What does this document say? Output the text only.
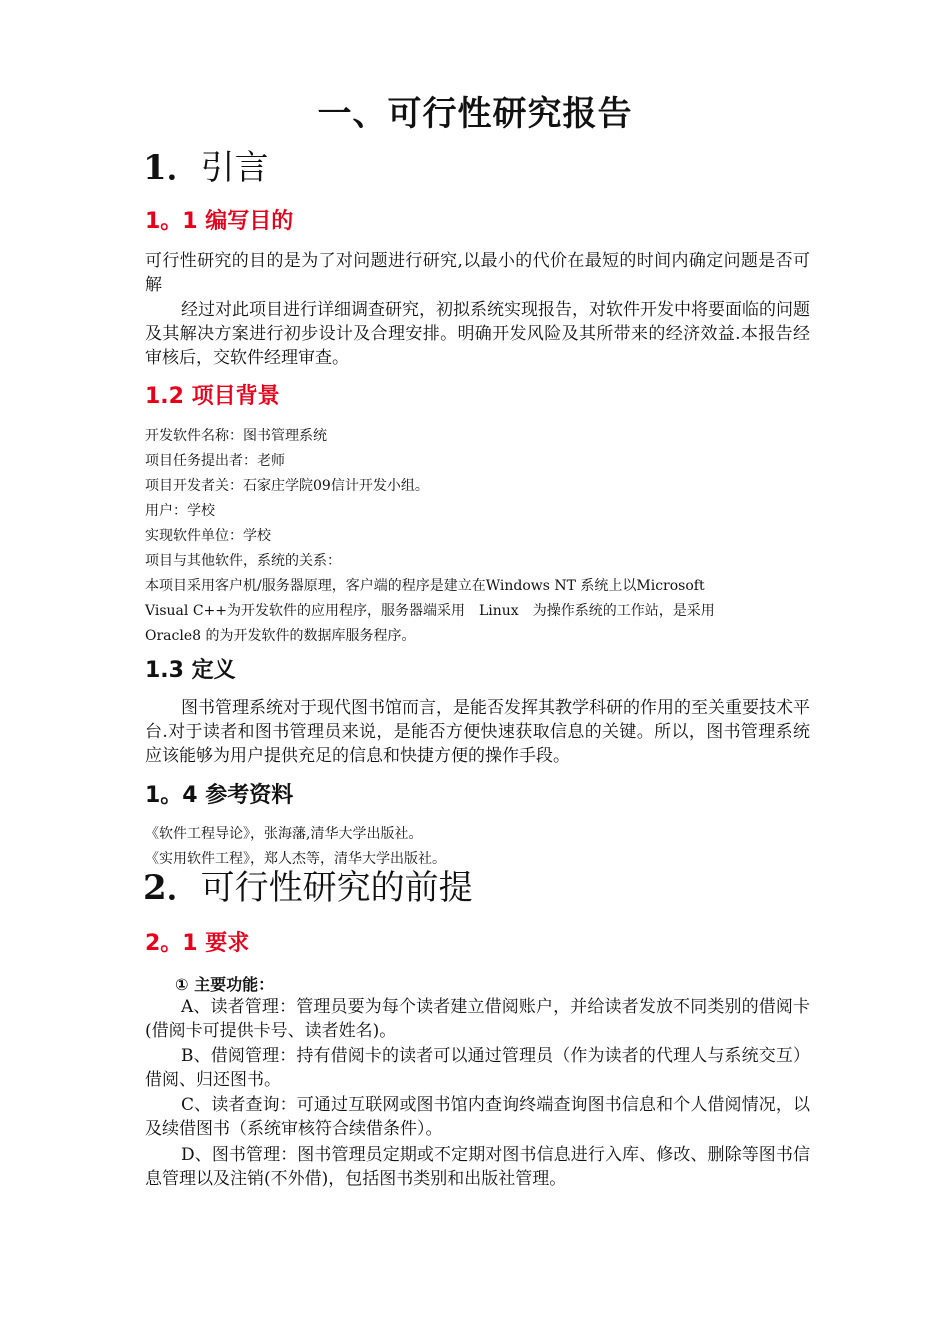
一、可行性研究报告
1．引言
1。1 编写目的
可行性研究的目的是为了对问题进行研究,以最小的代价在最短的时间内确定问题是否可解
经过对此项目进行详细调查研究，初拟系统实现报告，对软件开发中将要面临的问题及其解决方案进行初步设计及合理安排。明确开发风险及其所带来的经济效益.本报告经审核后，交软件经理审查。
1.2 项目背景
开发软件名称：图书管理系统
项目任务提出者：老师
项目开发者关：石家庄学院09信计开发小组。
用户：学校
实现软件单位：学校
项目与其他软件，系统的关系：
本项目采用客户机/服务器原理，客户端的程序是建立在Windows NT 系统上以Microsoft
Visual C++为开发软件的应用程序，服务器端采用　Linux　为操作系统的工作站，是采用
Oracle8 的为开发软件的数据库服务程序。
1.3 定义
图书管理系统对于现代图书馆而言，是能否发挥其教学科研的作用的至关重要技术平台.对于读者和图书管理员来说，是能否方便快速获取信息的关键。所以，图书管理系统应该能够为用户提供充足的信息和快捷方便的操作手段。
1。4 参考资料
《软件工程导论》，张海藩,清华大学出版社。
《实用软件工程》，郑人杰等，清华大学出版社。
2．可行性研究的前提
2。1 要求
① 主要功能：
A、读者管理：管理员要为每个读者建立借阅账户，并给读者发放不同类别的借阅卡(借阅卡可提供卡号、读者姓名)。
B、借阅管理：持有借阅卡的读者可以通过管理员（作为读者的代理人与系统交互）借阅、归还图书。
C、读者查询：可通过互联网或图书馆内查询终端查询图书信息和个人借阅情况，以及续借图书（系统审核符合续借条件）。
D、图书管理：图书管理员定期或不定期对图书信息进行入库、修改、删除等图书信息管理以及注销(不外借)，包括图书类别和出版社管理。
